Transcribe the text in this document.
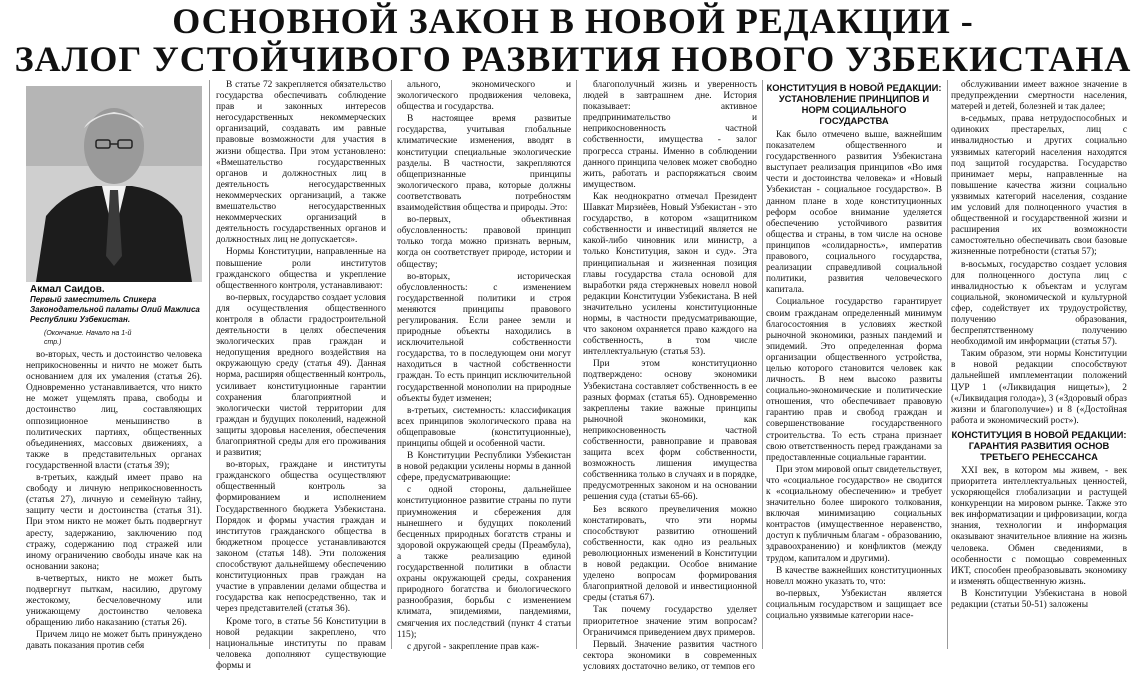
ОСНОВНОЙ ЗАКОН В НОВОЙ РЕДАКЦИИ -
ЗАЛОГ УСТОЙЧИВОГО РАЗВИТИЯ НОВОГО УЗБЕКИСТАНА
Акмал Саидов.
Первый заместитель Спикера Законодательной палаты Олий Мажлиса Республики Узбекистан.
(Окончание. Начало на 1-й стр.)

во-вторых, честь и достоинство человека неприкосновенны и ничто не может быть основанием для их умаления (статья 26). Одновременно устанавливается, что никто не может ущемлять права, свободы и достоинство лиц, составляющих оппозиционное меньшинство в политических партиях, общественных объединениях, массовых движениях, а также в представительных органах государственной власти (статья 39);

в-третьих, каждый имеет право на свободу и личную неприкосновенность (статья 27), личную и семейную тайну, защиту чести и достоинства (статья 31). При этом никто не может быть подвергнут аресту, задержанию, заключению под стражу, содержанию под стражей или иному ограничению свободы иначе как на основании закона;

в-четвертых, никто не может быть подвергнут пыткам, насилию, другому жестокому, бесчеловечному или унижающему достоинство человека обращению либо наказанию (статья 26).

Причем лицо не может быть принуждено давать показания против себя

В статье 72 закрепляется обязательство государства обеспечивать соблюдение прав и законных интересов негосударственных некоммерческих организаций, создавать им равные правовые возможности для участия в жизни общества. При этом установлено: «Вмешательство государственных органов и должностных лиц в деятельность негосударственных некоммерческих организаций, а также вмешательство негосударственных некоммерческих организаций в деятельность государственных органов и должностных лиц не допускается».

Нормы Конституции, направленные на повышение роли институтов гражданского общества и укрепление общественного контроля, устанавливают:

во-первых, государство создает условия для осуществления общественного контроля в области градостроительной деятельности в целях обеспечения экологических прав граждан и недопущения вредного воздействия на окружающую среду (статья 49). Данная норма, расширяя общественный контроль, усиливает конституционные гарантии сохранения благоприятной и экологически чистой территории для граждан и будущих поколений, надежной защиты здоровья населения, обеспечения благоприятной среды для его проживания и развития;

во-вторых, граждане и институты гражданского общества осуществляют общественный контроль за формированием и исполнением Государственного бюджета Узбекистана. Порядок и формы участия граждан и институтов гражданского общества в бюджетном процессе устанавливаются законом (статья 148). Эти положения способствуют дальнейшему обеспечению конституционных прав граждан на участие в управлении делами общества и государства как непосредственно, так и через представителей (статья 36).

Кроме того, в статье 56 Конституции в новой редакции закреплено, что национальные институты по правам человека дополняют существующие формы и

ального, экономического и экологического продвижения человека, общества и государства.

В настоящее время развитые государства, учитывая глобальные климатические изменения, вводят в конституции специальные экологические разделы. В частности, закрепляются общепризнанные принципы экологического права, которые должны соответствовать потребностям взаимодействия общества и природы. Это:

во-первых, объективная обусловленность: правовой принцип только тогда можно признать верным, когда он соответствует природе, истории и обществу;

во-вторых, историческая обусловленность: с изменением государственной политики и строя меняются принципы правового регулирования. Если ранее земли и природные объекты находились в исключительной собственности государства, то в последующем они могут находиться в частной собственности граждан. То есть принцип исключительной государственной монополии на природные объекты будет изменен;

в-третьих, системность: классификация всех принципов экологического права на общеправовые (конституционные), принципы общей и особенной части.

В Конституции Республики Узбекистан в новой редакции усилены нормы в данной сфере, предусматривающие:

с одной стороны, дальнейшее конституционное развитие страны по пути приумножения и сбережения для нынешнего и будущих поколений бесценных природных богатств страны и здоровой окружающей среды (Преамбула), а также реализацию единой государственной политики в области охраны окружающей среды, сохранения природного богатства и биологического разнообразия, борьбы с изменением климата, эпидемиями, пандемиями, смягчения их последствий (пункт 4 статьи 115);

с другой - закрепление прав каж-

благополучный жизнь и уверенность людей в завтрашнем дне. История показывает: активное предпринимательство и неприкосновенность частной собственности, имущества - залог прогресса страны. Именно в соблюдении данного принципа человек может свободно жить, работать и распоряжаться своим имуществом.

Как неоднократно отмечал Президент Шавкат Мирзиёев, Новый Узбекистан - это государство, в котором «защитником собственности и инвестиций является не какой-либо чиновник или министр, а только Конституция, закон и суд». Эта принципиальная и жизненная позиция главы государства стала основой для выработки ряда стержневых новелл новой редакции Конституции Узбекистана. В ней значительно усилены конституционные нормы, в частности предусматривающие, что законом охраняется право каждого на собственность, в том числе интеллектуальную (статья 53).

При этом конституционно подтверждено: основу экономики Узбекистана составляет собственность в ее разных формах (статья 65). Одновременно закреплены такие важные принципы рыночной экономики, как неприкосновенность частной собственности, равноправие и правовая защита всех форм собственности, возможность лишения имущества собственника только в случаях и в порядке, предусмотренных законом и на основании решения суда (статьи 65-66).

Без всякого преувеличения можно констатировать, что эти нормы способствуют развитию отношений собственности, как одно из реальных революционных изменений в Конституции в новой редакции. Особое внимание уделено вопросам формирования благоприятной деловой и инвестиционной среды (статья 67).

Так почему государство уделяет приоритетное значение этим вопросам? Ограничимся приведением двух примеров.

Первый. Значение развития частного сектора экономики в современных условиях достаточно велико, от темпов его

КОНСТИТУЦИЯ В НОВОЙ РЕДАКЦИИ: УСТАНОВЛЕНИЕ ПРИНЦИПОВ И НОРМ СОЦИАЛЬНОГО ГОСУДАРСТВА

Как было отмечено выше, важнейшим показателем общественного и государственного развития Узбекистана выступает реализация принципов «Во имя чести и достоинства человека» и «Новый Узбекистан - социальное государство». В данном плане в ходе конституционных реформ особое внимание уделяется обеспечению устойчивого развития общества и страны, в том числе на основе принципов «солидарность», императив правового, социального государства, реализации справедливой социальной политики, развития человеческого капитала.

Социальное государство гарантирует своим гражданам определенный минимум благосостояния в условиях жесткой рыночной экономики, разных пандемий и эпидемий. Это определенная форма организации общественного устройства, целью которого становится человек как личность. В нем высоко развиты социально-экономические и политические отношения, что обеспечивает правовую гарантию прав и свобод граждан и совершенствование государственного строительства. То есть страна признает свою ответственность перед гражданами за предоставленные социальные гарантии.

При этом мировой опыт свидетельствует, что «социальное государство» не сводится к «социальному обеспечению» и требует значительно более широкого толкования, включая минимизацию социальных контрастов (имущественное неравенство, доступ к публичным благам - образованию, здравоохранению) и конфликтов (между трудом, капиталом и другими).

В качестве важнейших конституционных новелл можно указать то, что:

во-первых, Узбекистан является социальным государством и защищает все социально уязвимые категории насе-

обслуживании имеет важное значение в предупреждении смертности населения, матерей и детей, болезней и так далее;

в-седьмых, права нетрудоспособных и одиноких престарелых, лиц с инвалидностью и других социально уязвимых категорий населения находятся под защитой государства. Государство принимает меры, направленные на повышение качества жизни социально уязвимых категорий населения, создание им условий для полноценного участия в общественной и государственной жизни и расширения их возможности самостоятельно обеспечивать свои базовые жизненные потребности (статья 57);

в-восьмых, государство создает условия для полноценного доступа лиц с инвалидностью к объектам и услугам социальной, экономической и культурной сфер, содействует их трудоустройству, получению образования, беспрепятственному получению необходимой им информации (статья 57).

Таким образом, эти нормы Конституции в новой редакции способствуют дальнейшей имплементации положений ЦУР 1 («Ликвидация нищеты»), 2 («Ликвидация голода»), 3 («Здоровый образ жизни и благополучие») и 8 («Достойная работа и экономический рост»).

КОНСТИТУЦИЯ В НОВОЙ РЕДАКЦИИ: ГАРАНТИЯ РАЗВИТИЯ ОСНОВ ТРЕТЬЕГО РЕНЕССАНСА

XXI век, в котором мы живем, - век приоритета интеллектуальных ценностей, ускоряющейся глобализации и растущей конкуренции на мировом рынке. Также это век информатизации и цифровизации, когда знания, технологии и информация оказывают значительное влияние на жизнь человека. Обмен сведениями, в особенности с помощью современных ИКТ, способен преобразовывать экономику и изменять общественную жизнь.

В Конституции Узбекистана в новой редакции (статьи 50-51) заложены
